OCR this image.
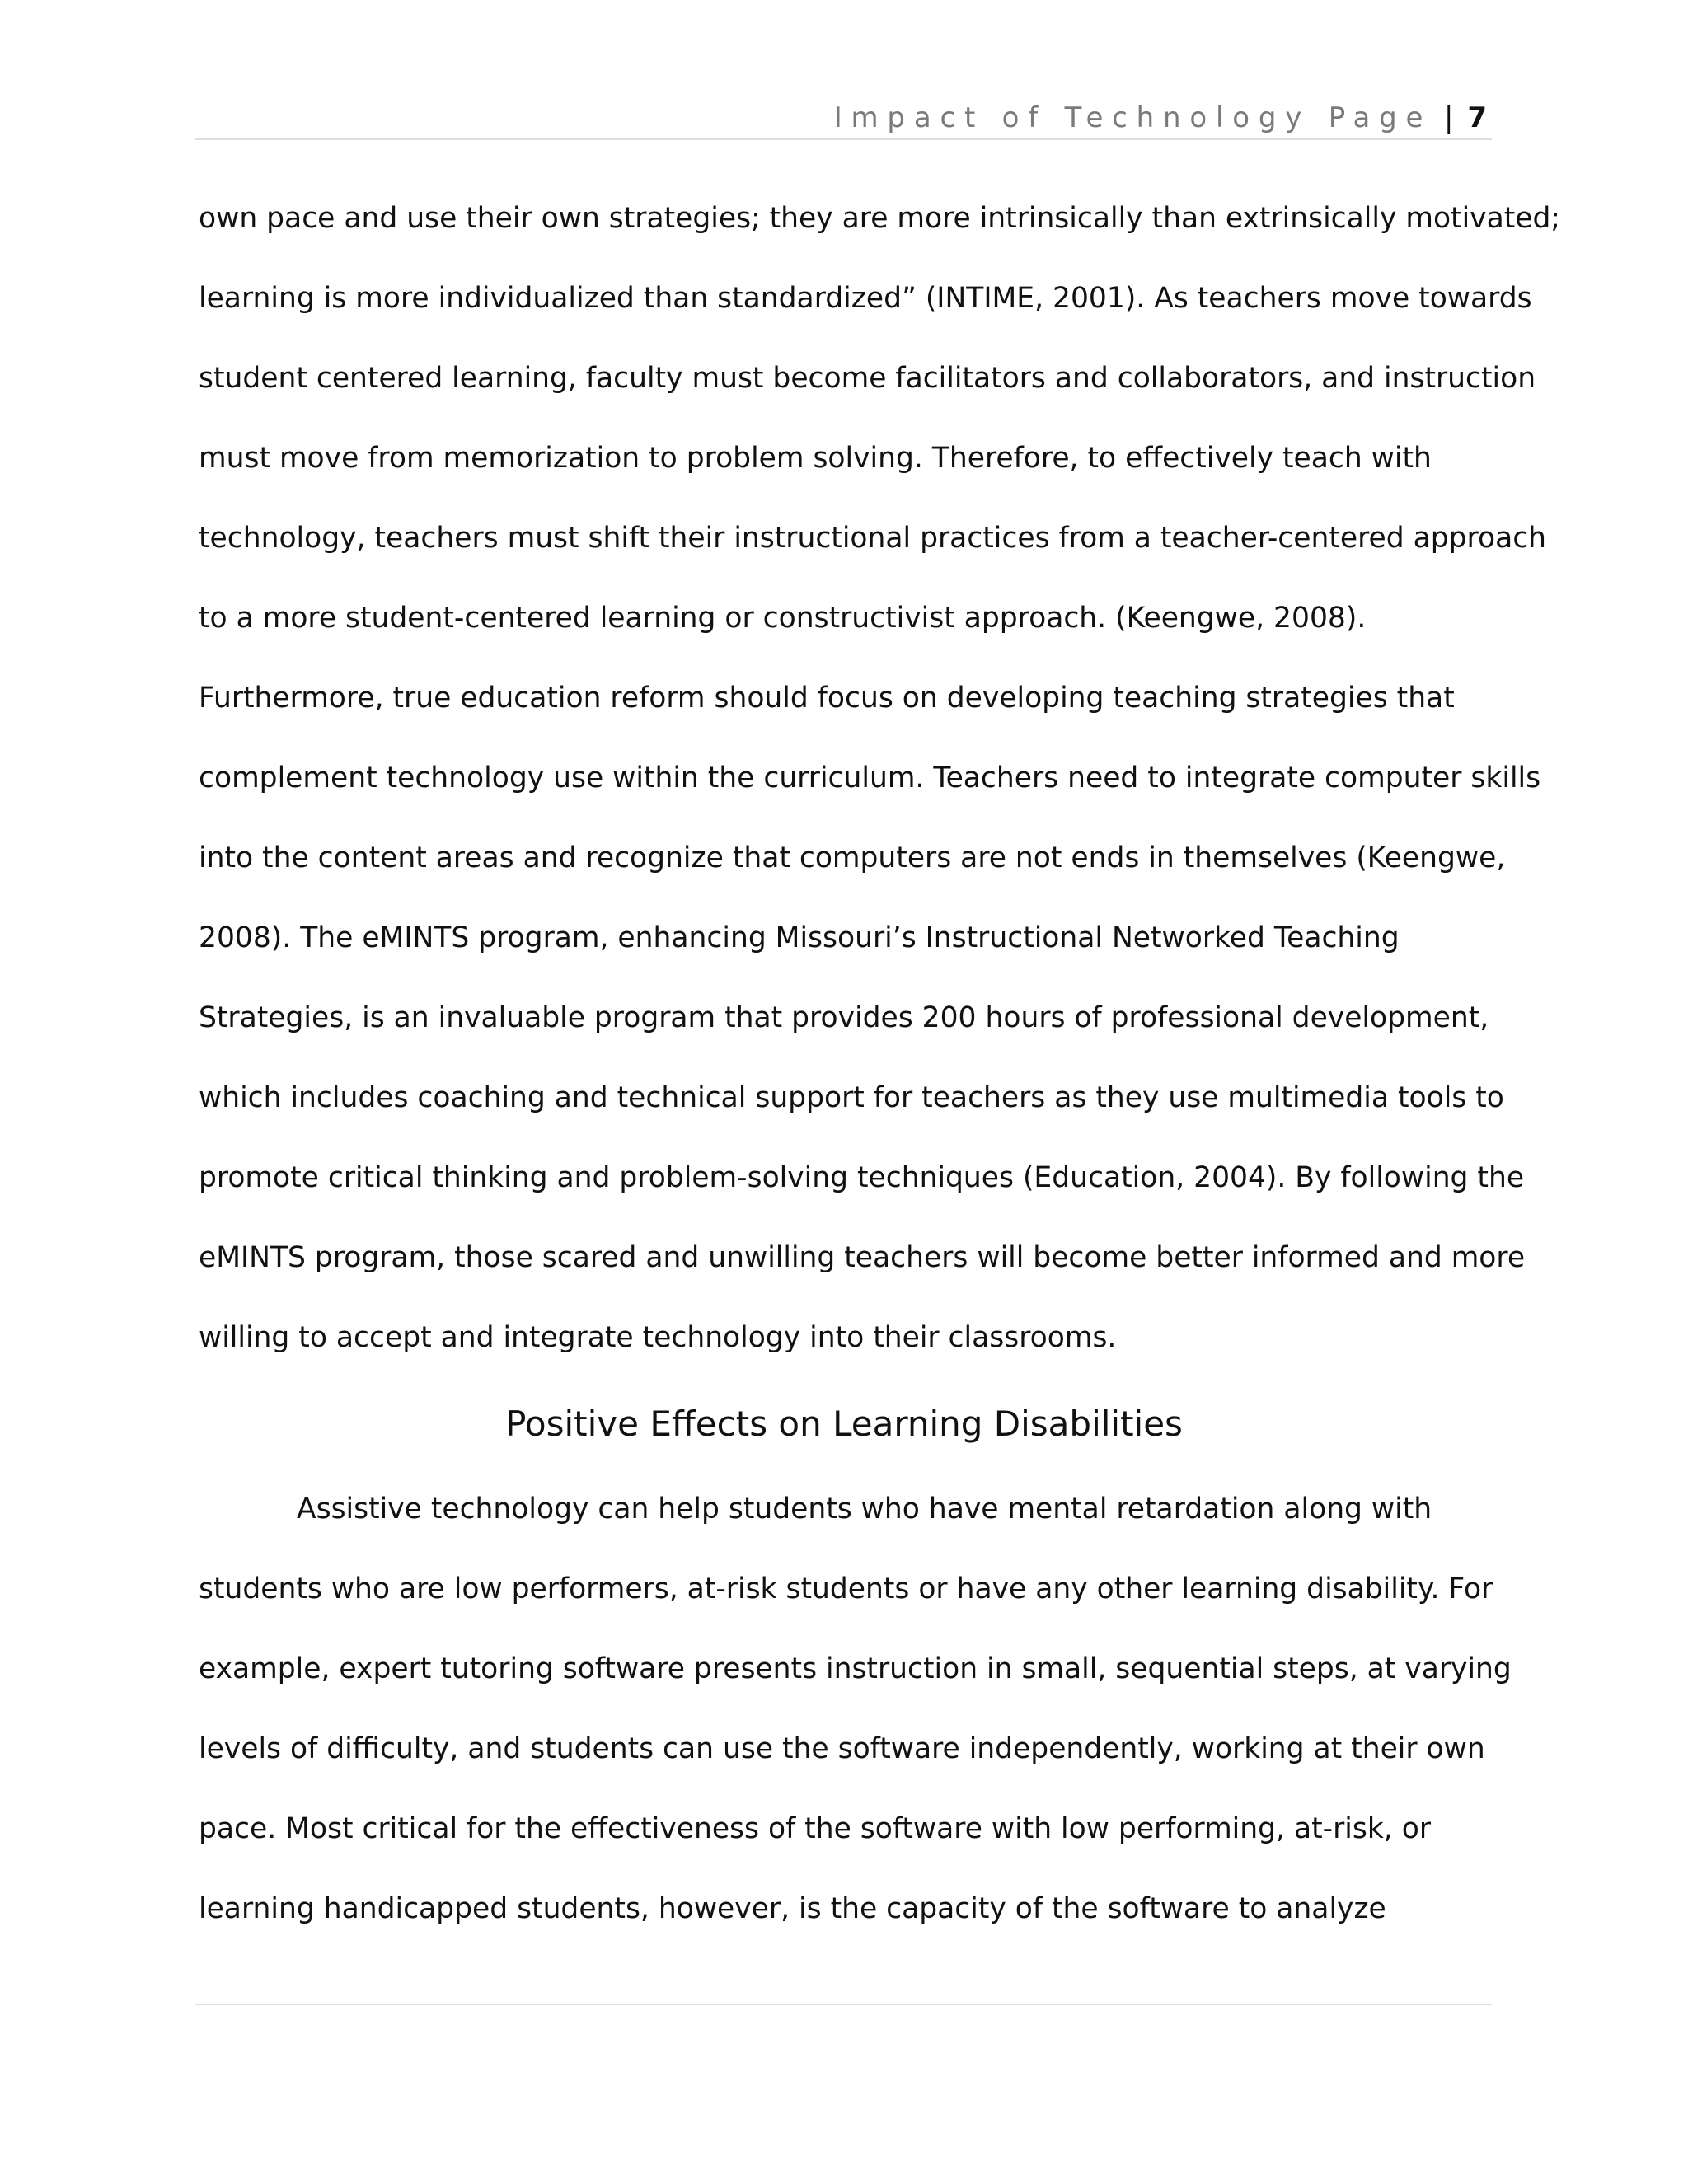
Impact of Technology Page | 7
own pace and use their own strategies; they are more intrinsically than extrinsically motivated;
learning is more individualized than standardized” (INTIME, 2001). As teachers move towards
student centered learning, faculty must become facilitators and collaborators, and instruction
must move from memorization to problem solving. Therefore, to effectively teach with
technology, teachers must shift their instructional practices from a teacher-centered approach
to a more student-centered learning or constructivist approach. (Keengwe, 2008).
Furthermore, true education reform should focus on developing teaching strategies that
complement technology use within the curriculum. Teachers need to integrate computer skills
into the content areas and recognize that computers are not ends in themselves (Keengwe,
2008). The eMINTS program, enhancing Missouri’s Instructional Networked Teaching
Strategies, is an invaluable program that provides 200 hours of professional development,
which includes coaching and technical support for teachers as they use multimedia tools to
promote critical thinking and problem-solving techniques (Education, 2004). By following the
eMINTS program, those scared and unwilling teachers will become better informed and more
willing to accept and integrate technology into their classrooms.
Positive Effects on Learning Disabilities
Assistive technology can help students who have mental retardation along with
students who are low performers, at-risk students or have any other learning disability. For
example, expert tutoring software presents instruction in small, sequential steps, at varying
levels of difficulty, and students can use the software independently, working at their own
pace. Most critical for the effectiveness of the software with low performing, at-risk, or
learning handicapped students, however, is the capacity of the software to analyze
